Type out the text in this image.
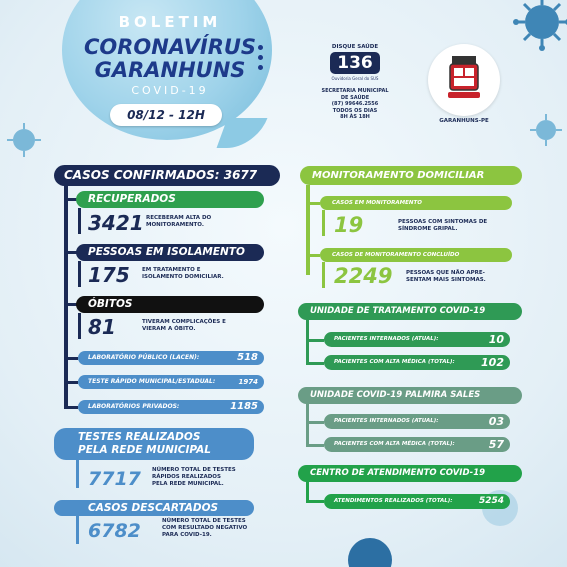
BOLETIM
CORONAVÍRUS
GARANHUNS
COVID-19
08/12 - 12H
DISQUE SAÚDE
136
Ouvidoria Geral do SUS
SECRETARIA MUNICIPAL
DE SAÚDE
(87) 99646.2556
TODOS OS DIAS
8H ÀS 18H
GARANHUNS-PE
CASOS CONFIRMADOS: 3677
RECUPERADOS
3421 RECEBERAM ALTA DO
MONITORAMENTO.
PESSOAS EM ISOLAMENTO
175 EM TRATAMENTO E
ISOLAMENTO DOMICILIAR.
ÓBITOS
81	TIVERAM COMPLICAÇÕES E
VIERAM A ÓBITO.
LABORATÓRIO PÚBLICO (LACEN):	518
TESTE RÁPIDO MUNICIPAL/ESTADUAL:	1974
LABORATÓRIOS PRIVADOS:	1185
TESTES REALIZADOS
PELA REDE MUNICIPAL
7717 NÚMERO TOTAL DE TESTES
RÁPIDOS REALIZADOS
PELA REDE MUNICIPAL.
CASOS DESCARTADOS
6782	NÚMERO TOTAL DE TESTES
COM RESULTADO NEGATIVO
PARA COVID-19.
MONITORAMENTO DOMICILIAR
CASOS EM MONITORAMENTO
19	PESSOAS COM SINTOMAS DE
SÍNDROME GRIPAL.
CASOS DE MONITORAMENTO CONCLUÍDO
2249 PESSOAS QUE NÃO APRE-
SENTAM MAIS SINTOMAS.
UNIDADE DE TRATAMENTO COVID-19
PACIENTES INTERNADOS (ATUAL):	10
PACIENTES COM ALTA MÉDICA (TOTAL): 102
UNIDADE COVID-19 PALMIRA SALES
PACIENTES INTERNADOS (ATUAL):	03
PACIENTES COM ALTA MÉDICA (TOTAL):	57
CENTRO DE ATENDIMENTO COVID-19
ATENDIMENTOS REALIZADOS (TOTAL):	5254
